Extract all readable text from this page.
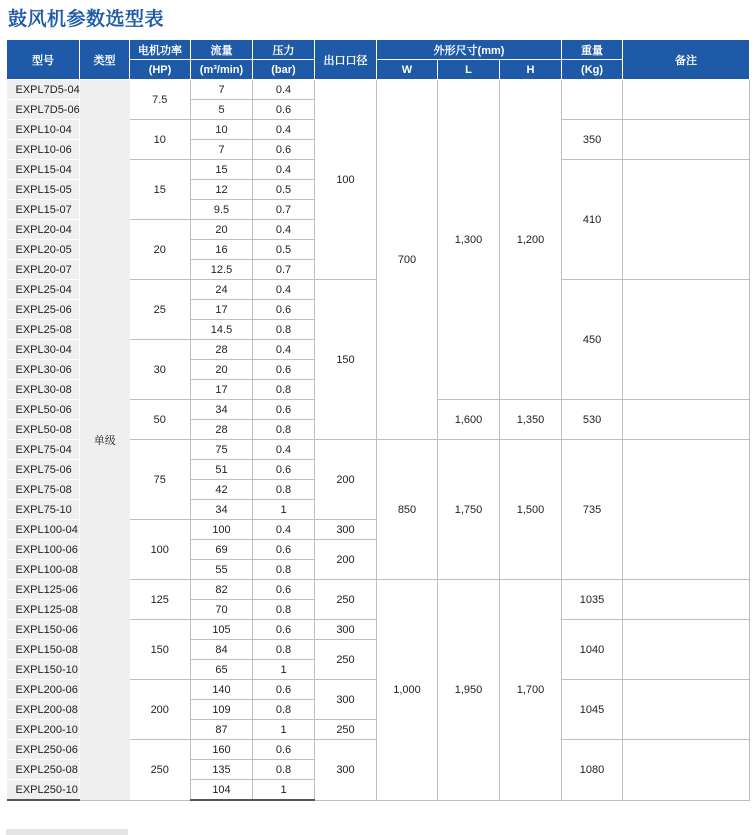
鼓风机参数选型表
型号	类型	电机功率	流量	压力	出口口径	外形尺寸(mm)			重量	备注
		(HP)	(m³/min)	(bar)		W	L	H	(Kg)	
EXPL7D5-04	单级	7.5	7	0.4	100	700	1,300	1,200		
EXPL7D5-06			5	0.6						
EXPL10-04		10	10	0.4					350	
EXPL10-06			7	0.6						
EXPL15-04		15	15	0.4					410	
EXPL15-05			12	0.5						
EXPL15-07			9.5	0.7						
EXPL20-04		20	20	0.4						
EXPL20-05			16	0.5						
EXPL20-07			12.5	0.7						
EXPL25-04		25	24	0.4	150				450	
EXPL25-06			17	0.6						
EXPL25-08			14.5	0.8						
EXPL30-04		30	28	0.4						
EXPL30-06			20	0.6						
EXPL30-08			17	0.8						
EXPL50-06		50	34	0.6			1,600	1,350	530	
EXPL50-08			28	0.8						
EXPL75-04		75	75	0.4	200	850	1,750	1,500	735	
EXPL75-06			51	0.6						
EXPL75-08			42	0.8						
EXPL75-10			34	1						
EXPL100-04		100	100	0.4	300					
EXPL100-06			69	0.6	200					
EXPL100-08			55	0.8						
EXPL125-06		125	82	0.6	250	1,000	1,950	1,700	1035	
EXPL125-08			70	0.8						
EXPL150-06		150	105	0.6	300				1040	
EXPL150-08			84	0.8	250					
EXPL150-10			65	1						
EXPL200-06		200	140	0.6	300				1045	
EXPL200-08			109	0.8						
EXPL200-10			87	1	250					
EXPL250-06		250	160	0.6	300				1080	
EXPL250-08			135	0.8						
EXPL250-10			104	1						
